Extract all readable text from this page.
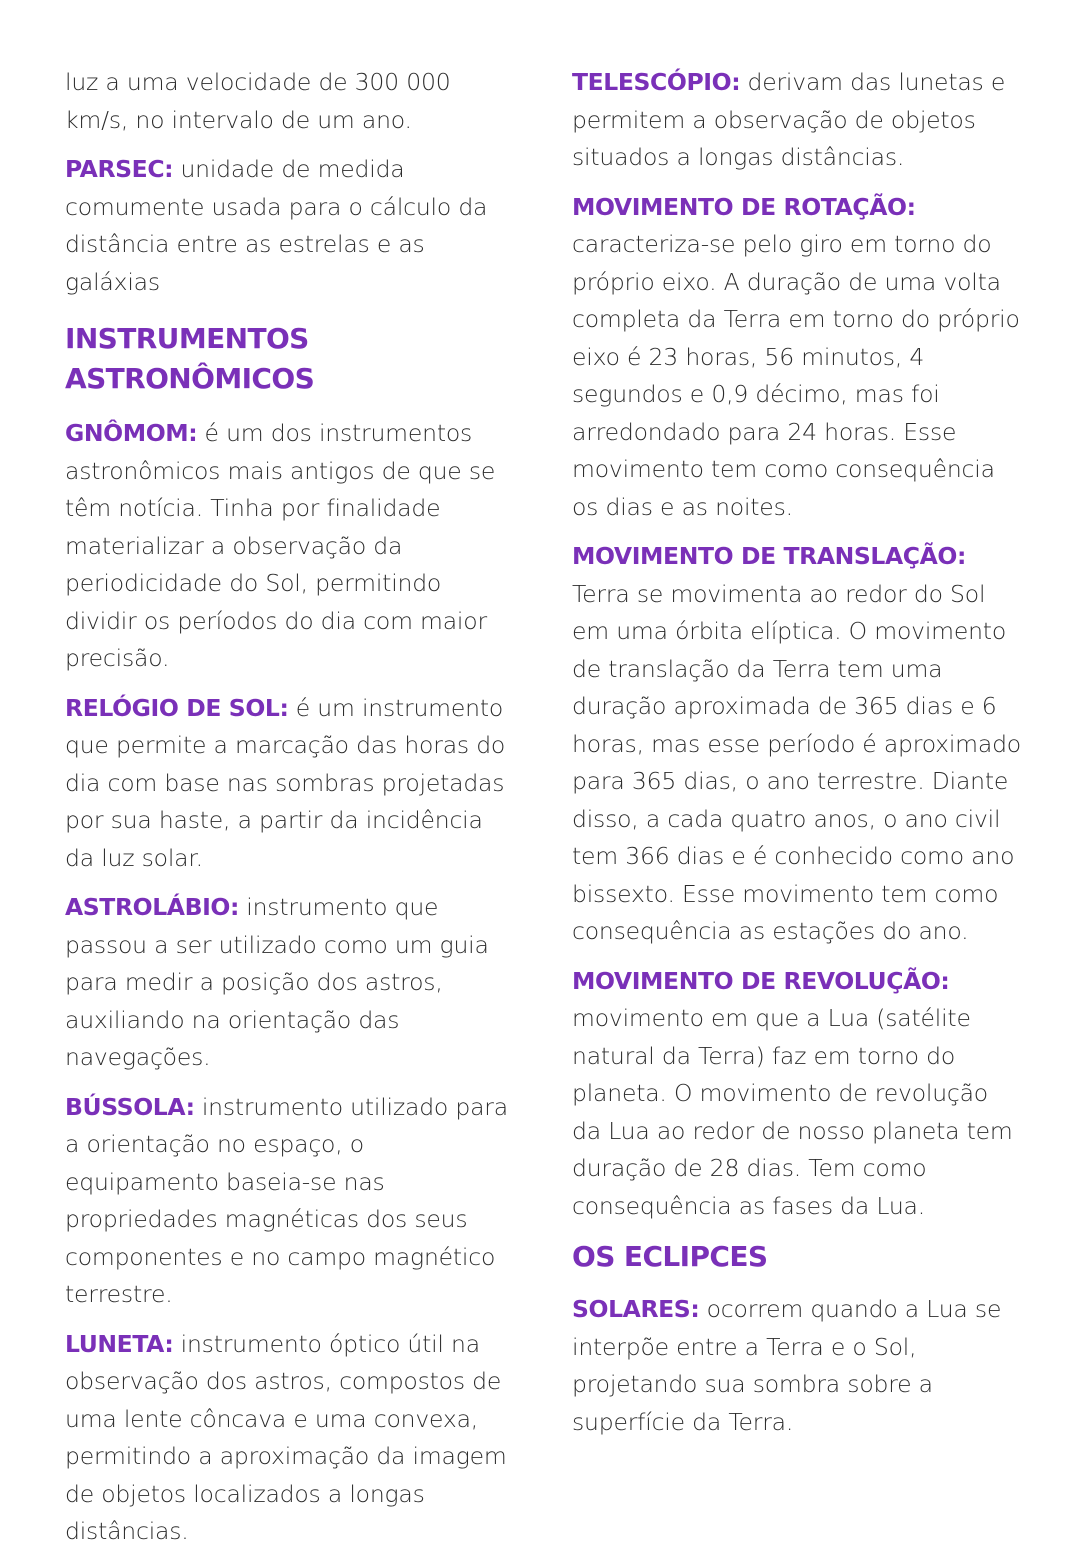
luz a uma velocidade de 300 000 km/s, no intervalo de um ano.

PARSEC: unidade de medida comumente usada para o cálculo da distância entre as estrelas e as galáxias

INSTRUMENTOS ASTRONÔMICOS

GNÔMOM: é um dos instrumentos astronômicos mais antigos de que se têm notícia. Tinha por finalidade materializar a observação da periodicidade do Sol, permitindo dividir os períodos do dia com maior precisão.

RELÓGIO DE SOL: é um instrumento que permite a marcação das horas do dia com base nas sombras projetadas por sua haste, a partir da incidência da luz solar.

ASTROLÁBIO: instrumento que passou a ser utilizado como um guia para medir a posição dos astros, auxiliando na orientação das navegações.

BÚSSOLA: instrumento utilizado para a orientação no espaço, o equipamento baseia-se nas propriedades magnéticas dos seus componentes e no campo magnético terrestre.

LUNETA: instrumento óptico útil na observação dos astros, compostos de uma lente côncava e uma convexa, permitindo a aproximação da imagem de objetos localizados a longas distâncias.

TELESCÓPIO: derivam das lunetas e permitem a observação de objetos situados a longas distâncias.

MOVIMENTO DE ROTAÇÃO: caracteriza-se pelo giro em torno do próprio eixo. A duração de uma volta completa da Terra em torno do próprio eixo é 23 horas, 56 minutos, 4 segundos e 0,9 décimo, mas foi arredondado para 24 horas. Esse movimento tem como consequência os dias e as noites.

MOVIMENTO DE TRANSLAÇÃO: Terra se movimenta ao redor do Sol em uma órbita elíptica. O movimento de translação da Terra tem uma duração aproximada de 365 dias e 6 horas, mas esse período é aproximado para 365 dias, o ano terrestre. Diante disso, a cada quatro anos, o ano civil tem 366 dias e é conhecido como ano bissexto. Esse movimento tem como consequência as estações do ano.

MOVIMENTO DE REVOLUÇÃO: movimento em que a Lua (satélite natural da Terra) faz em torno do planeta. O movimento de revolução da Lua ao redor de nosso planeta tem duração de 28 dias. Tem como consequência as fases da Lua.

OS ECLIPCES

SOLARES: ocorrem quando a Lua se interpõe entre a Terra e o Sol, projetando sua sombra sobre a superfície da Terra.
